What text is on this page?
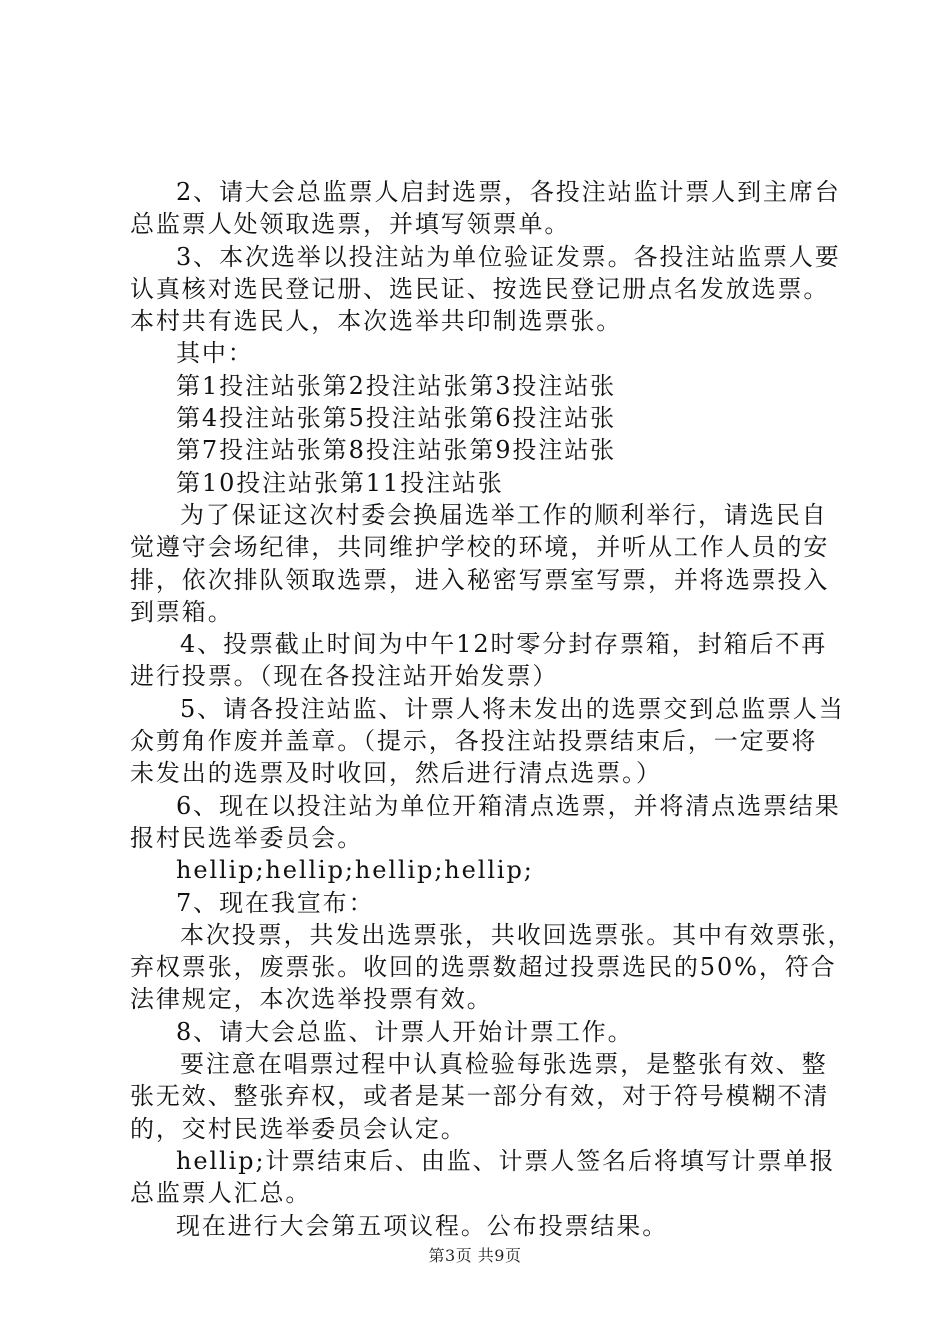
2、请大会总监票人启封选票，各投注站监计票人到主席台
总监票人处领取选票，并填写领票单。
3、本次选举以投注站为单位验证发票。各投注站监票人要
认真核对选民登记册、选民证、按选民登记册点名发放选票。
本村共有选民人，本次选举共印制选票张。
其中：
第1投注站张第2投注站张第3投注站张
第4投注站张第5投注站张第6投注站张
第7投注站张第8投注站张第9投注站张
第10投注站张第11投注站张
为了保证这次村委会换届选举工作的顺利举行，请选民自
觉遵守会场纪律，共同维护学校的环境，并听从工作人员的安
排，依次排队领取选票，进入秘密写票室写票，并将选票投入
到票箱。
4、投票截止时间为中午12时零分封存票箱，封箱后不再
进行投票。（现在各投注站开始发票）
5、请各投注站监、计票人将未发出的选票交到总监票人当
众剪角作废并盖章。（提示，各投注站投票结束后，一定要将
未发出的选票及时收回，然后进行清点选票。）
6、现在以投注站为单位开箱清点选票，并将清点选票结果
报村民选举委员会。
hellip;hellip;hellip;hellip;
7、现在我宣布：
本次投票，共发出选票张，共收回选票张。其中有效票张，
弃权票张，废票张。收回的选票数超过投票选民的50%，符合
法律规定，本次选举投票有效。
8、请大会总监、计票人开始计票工作。
要注意在唱票过程中认真检验每张选票，是整张有效、整
张无效、整张弃权，或者是某一部分有效，对于符号模糊不清
的，交村民选举委员会认定。
hellip;计票结束后、由监、计票人签名后将填写计票单报
总监票人汇总。
现在进行大会第五项议程。公布投票结果。
第3页 共9页
